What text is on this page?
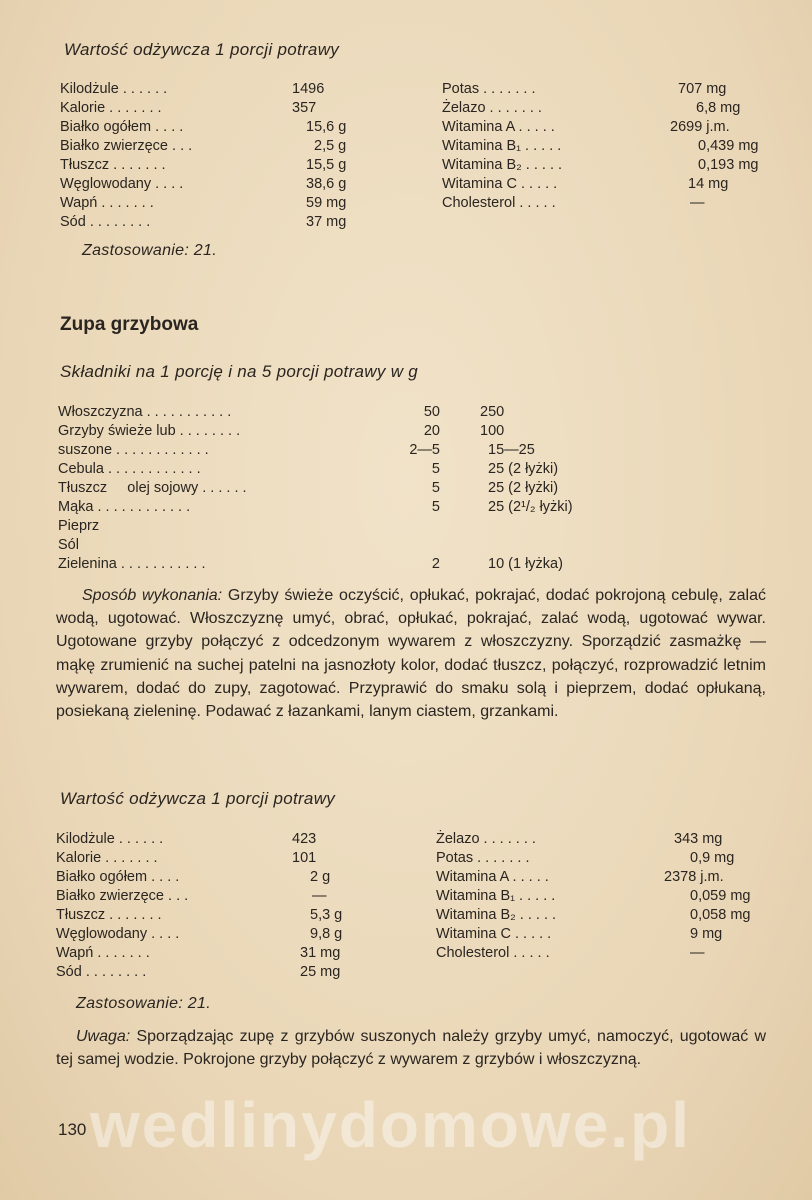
Wartość odżywcza 1 porcji potrawy
Kilodżule . . . . . .	1496
Kalorie . . . . . . .	357
Białko ogółem . . . .	15,6 g
Białko zwierzęce . . .	2,5 g
Tłuszcz . . . . . . .	15,5 g
Węglowodany . . . .	38,6 g
Wapń . . . . . . .	59 mg
Sód . . . . . . . .	37 mg
Potas . . . . . . .	707 mg
Żelazo . . . . . . .	6,8 mg
Witamina A . . . . .	2699 j.m.
Witamina B₁ . . . . .	0,439 mg
Witamina B₂ . . . . .	0,193 mg
Witamina C . . . . .	14 mg
Cholesterol . . . . .	—
Zastosowanie: 21.
Zupa grzybowa
Składniki na 1 porcję i na 5 porcji potrawy w g
Włoszczyzna . . . . . . . . . . .	50	250
Grzyby świeże lub . . . . . . . .	20	100
suszone . . . . . . . . . . . .	2—5	15—25
Cebula . . . . . . . . . . . .	5	25 (2 łyżki)
Tłuszcz     olej sojowy . . . . . .	5	25 (2 łyżki)
Mąka . . . . . . . . . . . .	5	25 (2¹/₂ łyżki)
Pieprz
Sól
Zielenina . . . . . . . . . . .	2	10 (1 łyżka)
Sposób wykonania: Grzyby świeże oczyścić, opłukać, pokrajać, dodać pokrojoną cebulę, zalać wodą, ugotować. Włoszczyznę umyć, obrać, opłukać, pokrajać, zalać wodą, ugotować wywar. Ugotowane grzyby połączyć z odcedzonym wywarem z włoszczyzny. Sporządzić zasmażkę — mąkę zrumienić na suchej patelni na jasnozłoty kolor, dodać tłuszcz, połączyć, rozprowadzić letnim wywarem, dodać do zupy, zagotować. Przyprawić do smaku solą i pieprzem, dodać opłukaną, posiekaną zieleninę. Podawać z łazankami, lanym ciastem, grzankami.
Wartość odżywcza 1 porcji potrawy
Kilodżule . . . . . .	423
Kalorie . . . . . . .	101
Białko ogółem . . . .	2 g
Białko zwierzęce . . .	—
Tłuszcz . . . . . . .	5,3 g
Węglowodany . . . .	9,8 g
Wapń . . . . . . .	31 mg
Sód . . . . . . . .	25 mg
Żelazo . . . . . . .	343 mg
Potas . . . . . . .	0,9 mg
Witamina A . . . . .	2378 j.m.
Witamina B₁ . . . . .	0,059 mg
Witamina B₂ . . . . .	0,058 mg
Witamina C . . . . .	9 mg
Cholesterol . . . . .	—
Zastosowanie: 21.
Uwaga: Sporządzając zupę z grzybów suszonych należy grzyby umyć, namoczyć, ugotować w tej samej wodzie. Pokrojone grzyby połączyć z wywarem z grzybów i włoszczyzną.
wedlinydomowe.pl
130
